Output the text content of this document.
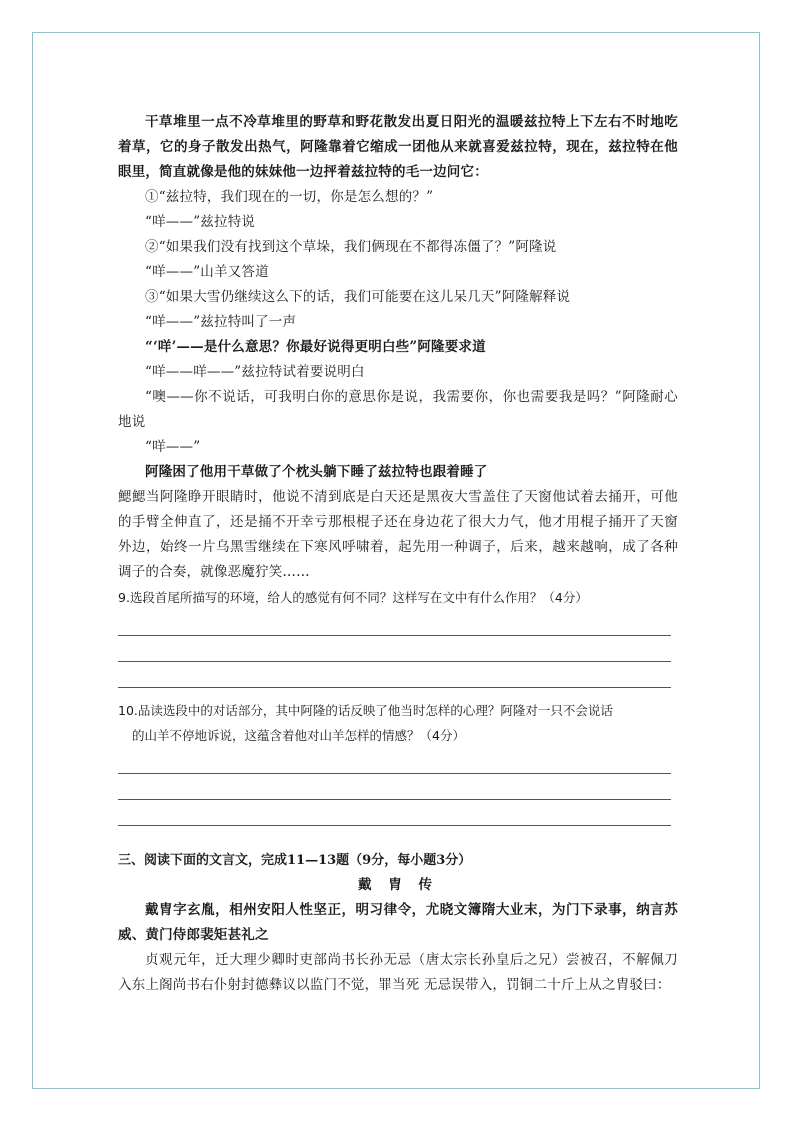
干草堆里一点不冷草堆里的野草和野花散发出夏日阳光的温暖兹拉特上下左右不时地吃着草，它的身子散发出热气，阿隆靠着它缩成一团他从来就喜爱兹拉特，现在，兹拉特在他眼里，简直就像是他的妹妹他一边抨着兹拉特的毛一边问它：

①“兹拉特，我们现在的一切，你是怎么想的？”

“咩——”兹拉特说

②“如果我们没有找到这个草垛，我们俩现在不都得冻僵了？”阿隆说

“咩——”山羊又答道

③“如果大雪仍继续这么下的话，我们可能要在这儿呆几天”阿隆解释说

“咩——”兹拉特叫了一声

“‘咩’——是什么意思？你最好说得更明白些”阿隆要求道

“咩——咩——”兹拉特试着要说明白

“噢——你不说话，可我明白你的意思你是说，我需要你，你也需要我是吗？”阿隆耐心地说

“咩——”

阿隆困了他用干草做了个枕头躺下睡了兹拉特也跟着睡了

鰓鰓当阿隆睁开眼睛时，他说不清到底是白天还是黑夜大雪盖住了天窗他试着去捅开，可他的手臂全伸直了，还是捅不开幸亏那根棍子还在身边花了很大力气，他才用棍子捅开了天窗外边，始终一片乌黑雪继续在下寒风呼啸着，起先用一种调子，后来，越来越响，成了各种调子的合奏，就像恶魔狞笑……

9.选段首尾所描写的环境，给人的感觉有何不同？这样写在文中有什么作用？（4分）

10.品读选段中的对话部分，其中阿隆的话反映了他当时怎样的心理？阿隆对一只不会说话
的山羊不停地诉说，这蕴含着他对山羊怎样的情感？（4分）

三、阅读下面的文言文，完成11—13题（9分，每小题3分）

戴 胄 传

戴胄字玄胤，相州安阳人性坚正，明习律令，尤晓文簿隋大业末，为门下录事，纳言苏威、黄门侍郎裴矩甚礼之

贞观元年，迁大理少卿时吏部尚书长孙无忌（唐太宗长孙皇后之兄）尝被召，不解佩刀入东上阁尚书右仆射封德彝议以监门不觉，罪当死 无忌误带入，罚铜二十斤上从之胄驳曰：
